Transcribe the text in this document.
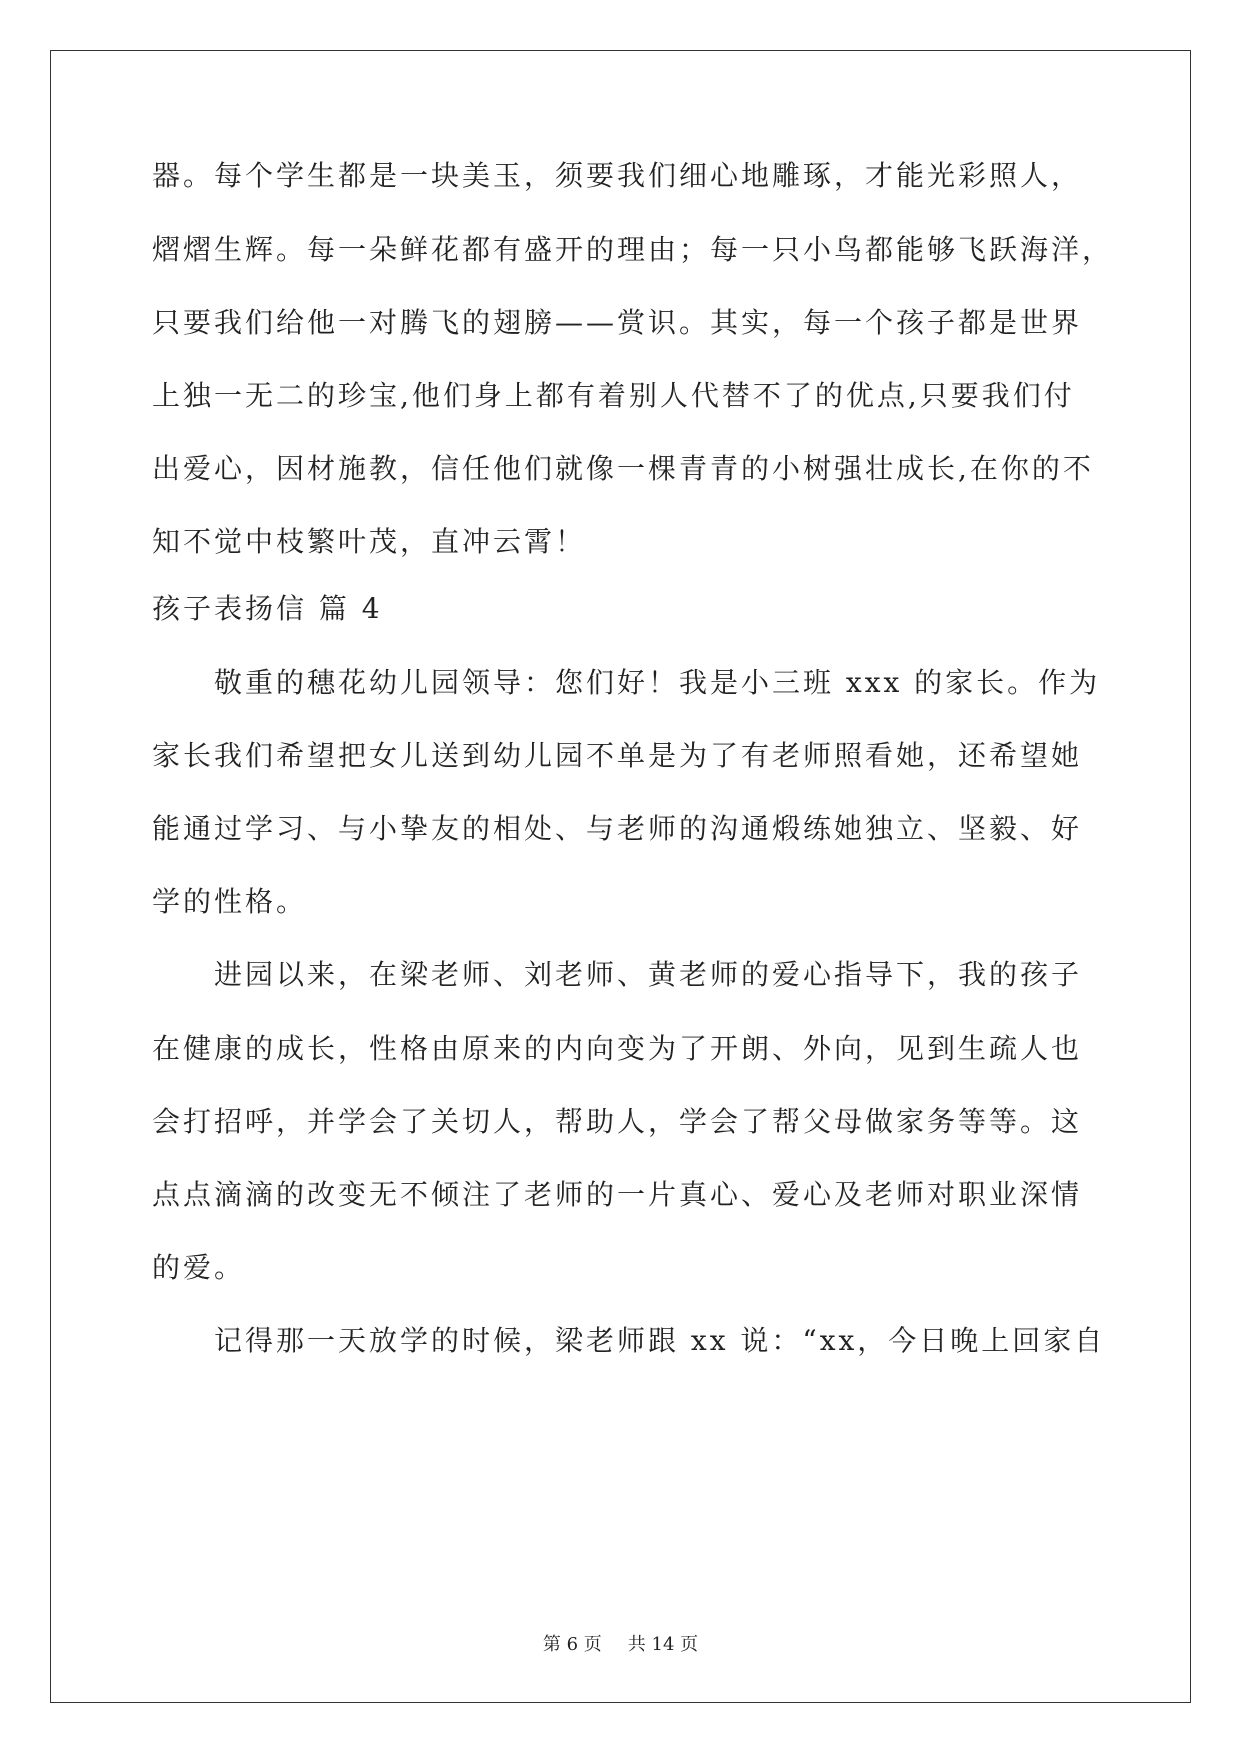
器。每个学生都是一块美玉，须要我们细心地雕琢，才能光彩照人，
熠熠生辉。每一朵鲜花都有盛开的理由；每一只小鸟都能够飞跃海洋，
只要我们给他一对腾飞的翅膀——赏识。其实，每一个孩子都是世界
上独一无二的珍宝,他们身上都有着别人代替不了的优点,只要我们付
出爱心，因材施教，信任他们就像一棵青青的小树强壮成长,在你的不
知不觉中枝繁叶茂，直冲云霄！
孩子表扬信 篇 4
敬重的穗花幼儿园领导：您们好！我是小三班 xxx 的家长。作为
家长我们希望把女儿送到幼儿园不单是为了有老师照看她，还希望她
能通过学习、与小挚友的相处、与老师的沟通煅练她独立、坚毅、好
学的性格。
进园以来，在梁老师、刘老师、黄老师的爱心指导下，我的孩子
在健康的成长，性格由原来的内向变为了开朗、外向，见到生疏人也
会打招呼，并学会了关切人，帮助人，学会了帮父母做家务等等。这
点点滴滴的改变无不倾注了老师的一片真心、爱心及老师对职业深情
的爱。
记得那一天放学的时候，梁老师跟 xx 说：“xx，今日晚上回家自
第 6 页 共 14 页
